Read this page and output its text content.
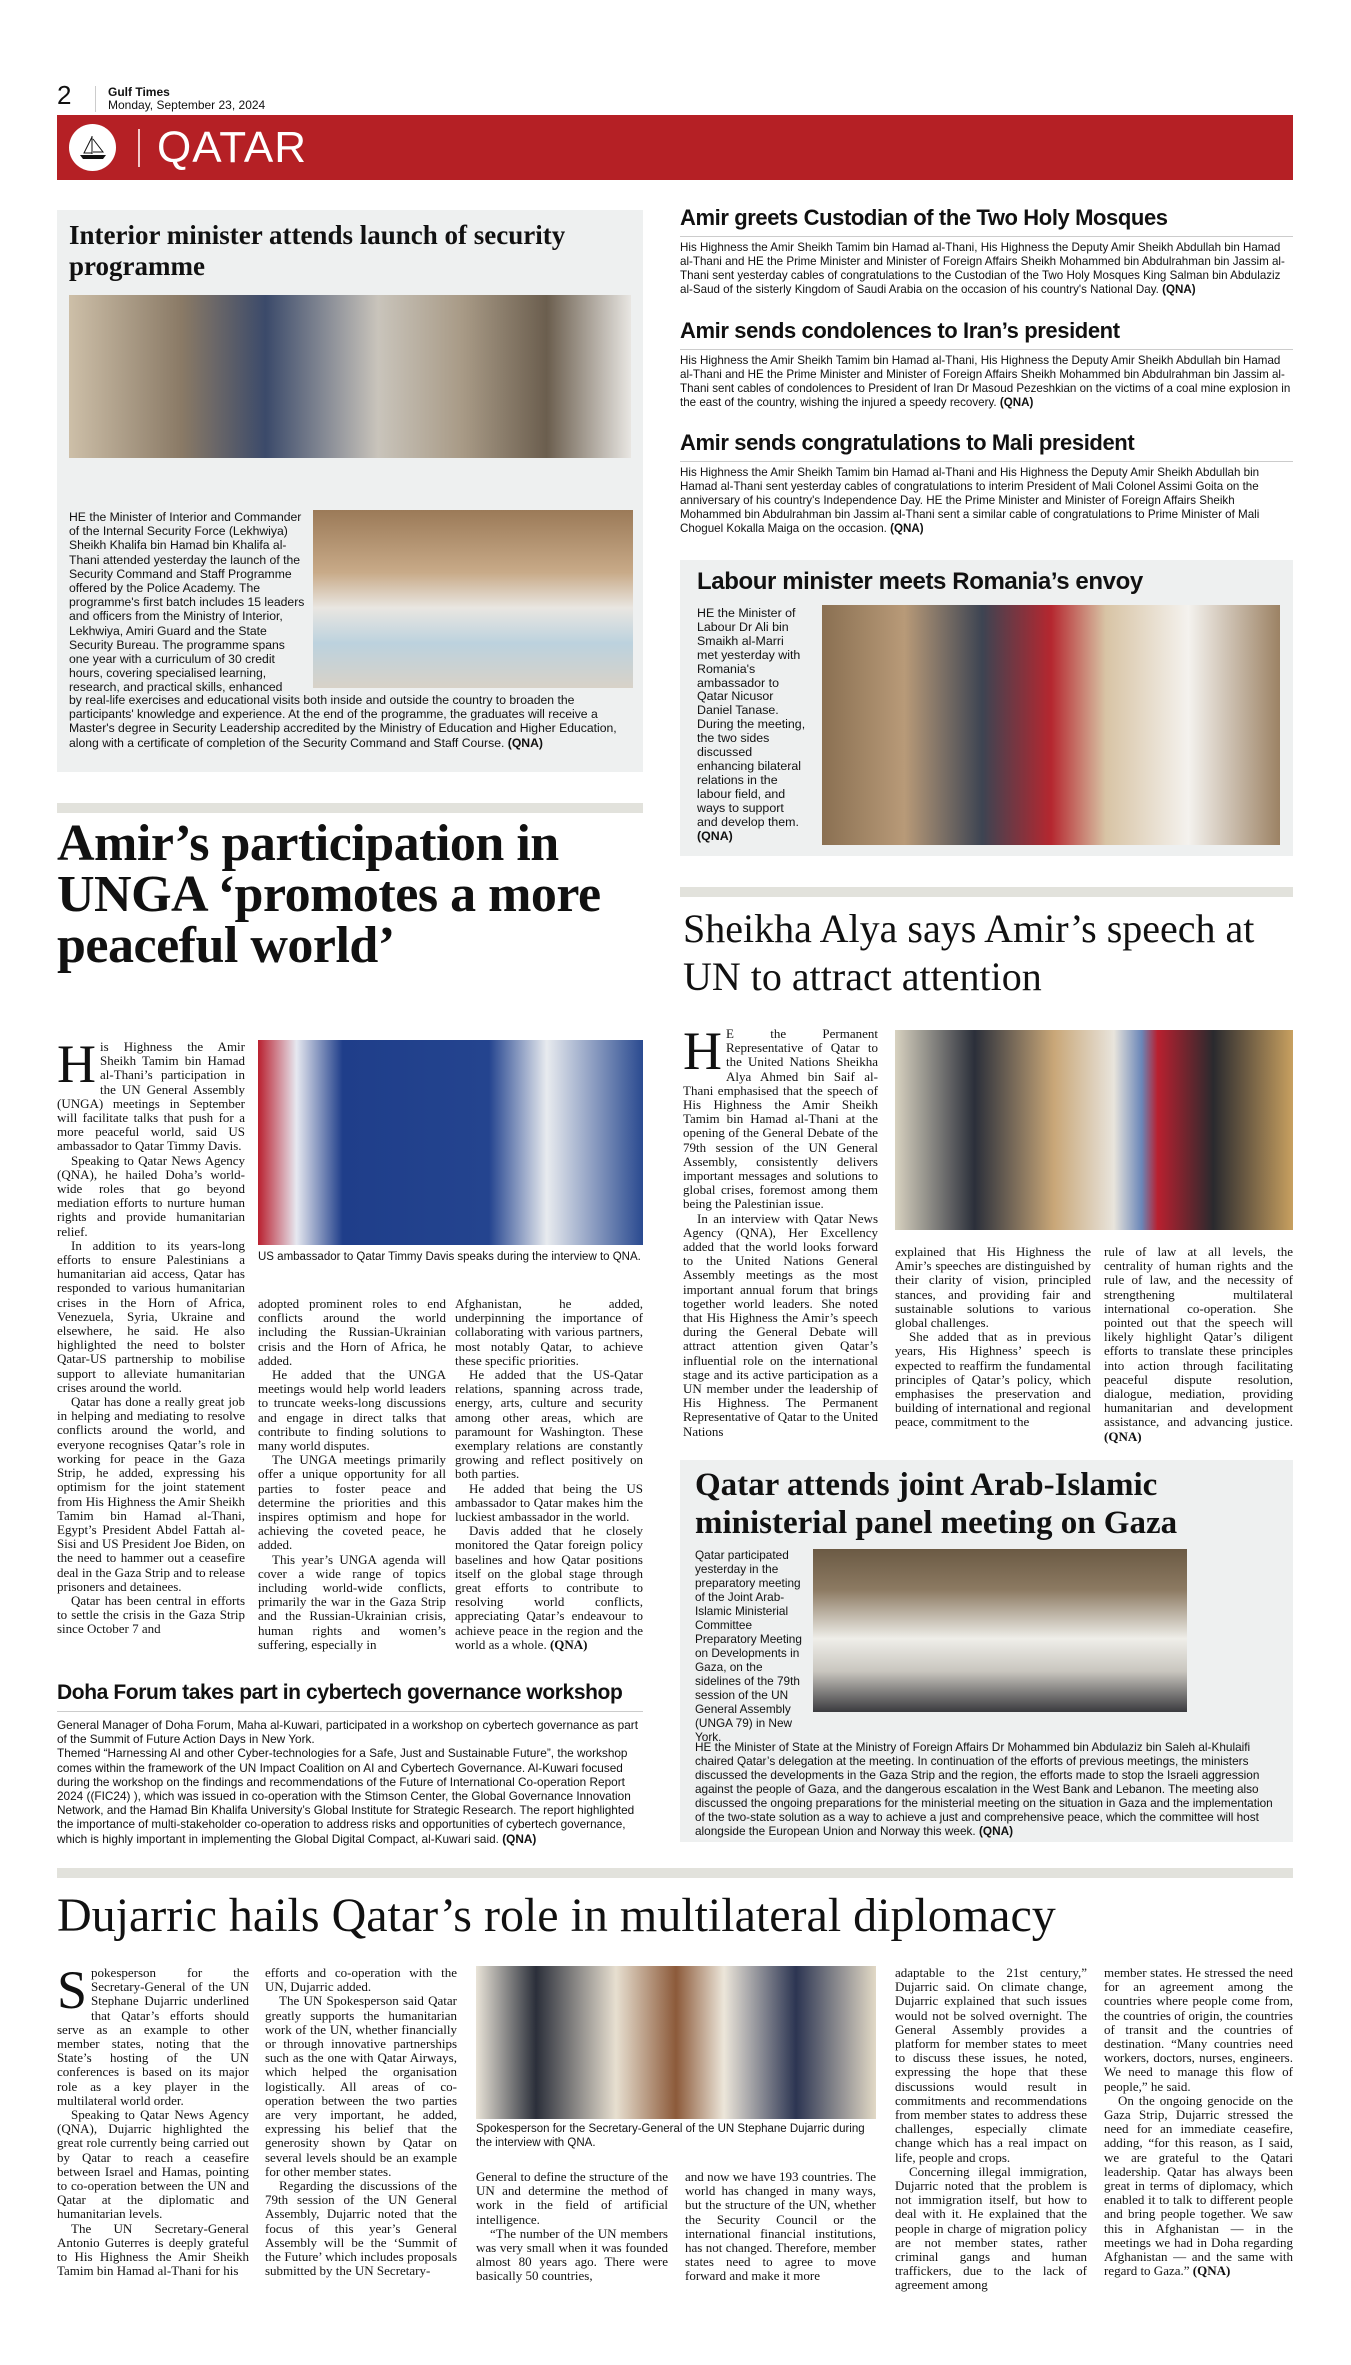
2	Gulf Times
Monday, September 23, 2024
QATAR
Interior minister attends launch of security programme
HE the Minister of Interior and Commander of the Internal Security Force (Lekhwiya) Sheikh Khalifa bin Hamad bin Khalifa al-Thani attended yesterday the launch of the Security Command and Staff Programme offered by the Police Academy. The programme's first batch includes 15 leaders and officers from the Ministry of Interior, Lekhwiya, Amiri Guard and the State Security Bureau. The programme spans one year with a curriculum of 30 credit hours, covering specialised learning, research, and practical skills, enhanced
by real-life exercises and educational visits both inside and outside the country to broaden the participants' knowledge and experience. At the end of the programme, the graduates will receive a Master's degree in Security Leadership accredited by the Ministry of Education and Higher Education, along with a certificate of completion of the Security Command and Staff Course. (QNA)
Amir greets Custodian of the Two Holy Mosques
His Highness the Amir Sheikh Tamim bin Hamad al-Thani, His Highness the Deputy Amir Sheikh Abdullah bin Hamad al-Thani and HE the Prime Minister and Minister of Foreign Affairs Sheikh Mohammed bin Abdulrahman bin Jassim al-Thani sent yesterday cables of congratulations to the Custodian of the Two Holy Mosques King Salman bin Abdulaziz al-Saud of the sisterly Kingdom of Saudi Arabia on the occasion of his country's National Day. (QNA)
Amir sends condolences to Iran’s president
His Highness the Amir Sheikh Tamim bin Hamad al-Thani, His Highness the Deputy Amir Sheikh Abdullah bin Hamad al-Thani and HE the Prime Minister and Minister of Foreign Affairs Sheikh Mohammed bin Abdulrahman bin Jassim al-Thani sent cables of condolences to President of Iran Dr Masoud Pezeshkian on the victims of a coal mine explosion in the east of the country, wishing the injured a speedy recovery. (QNA)
Amir sends congratulations to Mali president
His Highness the Amir Sheikh Tamim bin Hamad al-Thani and His Highness the Deputy Amir Sheikh Abdullah bin Hamad al-Thani sent yesterday cables of congratulations to interim President of Mali Colonel Assimi Goita on the anniversary of his country's Independence Day. HE the Prime Minister and Minister of Foreign Affairs Sheikh Mohammed bin Abdulrahman bin Jassim al-Thani sent a similar cable of congratulations to Prime Minister of Mali Choguel Kokalla Maiga on the occasion. (QNA)
Labour minister meets Romania’s envoy
HE the Minister of Labour Dr Ali bin Smaikh al-Marri met yesterday with Romania's ambassador to Qatar Nicusor Daniel Tanase. During the meeting, the two sides discussed enhancing bilateral relations in the labour field, and ways to support and develop them. (QNA)
Amir’s participation in UNGA ‘promotes a more peaceful world’

His Highness the Amir Sheikh Tamim bin Hamad al-Thani’s participation in the UN General Assembly (UNGA) meetings in September will facilitate talks that push for a more peaceful world, said US ambassador to Qatar Timmy Davis.

Speaking to Qatar News Agency (QNA), he hailed Doha’s world-wide roles that go beyond mediation efforts to nurture human rights and provide humanitarian relief.

In addition to its years-long efforts to ensure Palestinians a humanitarian aid access, Qatar has responded to various humanitarian crises in the Horn of Africa, Venezuela, Syria, Ukraine and elsewhere, he said. He also highlighted the need to bolster Qatar-US partnership to mobilise support to alleviate humanitarian crises around the world.

Qatar has done a really great job in helping and mediating to resolve conflicts around the world, and everyone recognises Qatar’s role in working for peace in the Gaza Strip, he added, expressing his optimism for the joint statement from His Highness the Amir Sheikh Tamim bin Hamad al-Thani, Egypt’s President Abdel Fattah al-Sisi and US President Joe Biden, on the need to hammer out a ceasefire deal in the Gaza Strip and to release prisoners and detainees.

Qatar has been central in efforts to settle the crisis in the Gaza Strip since October 7 and

US ambassador to Qatar Timmy Davis speaks during the interview to QNA.

adopted prominent roles to end conflicts around the world including the Russian-Ukrainian crisis and the Horn of Africa, he added.

He added that the UNGA meetings would help world leaders to truncate weeks-long discussions and engage in direct talks that contribute to finding solutions to many world disputes.

The UNGA meetings primarily offer a unique opportunity for all parties to foster peace and determine the priorities and this inspires optimism and hope for achieving the coveted peace, he added.

This year’s UNGA agenda will cover a wide range of topics including world-wide conflicts, primarily the war in the Gaza Strip and the Russian-Ukrainian crisis, human rights and women’s suffering, especially in

Afghanistan, he added, underpinning the importance of collaborating with various partners, most notably Qatar, to achieve these specific priorities.

He added that the US-Qatar relations, spanning across trade, energy, arts, culture and security among other areas, which are paramount for Washington. These exemplary relations are constantly growing and reflect positively on both parties.

He added that being the US ambassador to Qatar makes him the luckiest ambassador in the world.

Davis added that he closely monitored the Qatar foreign policy baselines and how Qatar positions itself on the global stage through great efforts to contribute to resolving world conflicts, appreciating Qatar’s endeavour to achieve peace in the region and the world as a whole. (QNA)

Sheikha Alya says Amir’s speech at UN to attract attention

H E the Permanent Representative of Qatar to the United Nations Sheikha Alya Ahmed bin Saif al-Thani emphasised that the speech of His Highness the Amir Sheikh Tamim bin Hamad al-Thani at the opening of the General Debate of the 79th session of the UN General Assembly, consistently delivers important messages and solutions to global crises, foremost among them being the Palestinian issue.

In an interview with Qatar News Agency (QNA), Her Excellency added that the world looks forward to the United Nations General Assembly meetings as the most important annual forum that brings together world leaders. She noted that His Highness the Amir’s speech during the General Debate will attract attention given Qatar’s influential role on the international stage and its active participation as a UN member under the leadership of His Highness. The Permanent Representative of Qatar to the United Nations

explained that His Highness the Amir’s speeches are distinguished by their clarity of vision, principled stances, and providing fair and sustainable solutions to various global challenges.

She added that as in previous years, His Highness’ speech is expected to reaffirm the fundamental principles of Qatar’s policy, which emphasises the preservation and building of international and regional peace, commitment to the

rule of law at all levels, the centrality of human rights and the rule of law, and the necessity of strengthening multilateral international co-operation. She pointed out that the speech will likely highlight Qatar’s diligent efforts to translate these principles into action through facilitating peaceful dispute resolution, dialogue, mediation, providing humanitarian and development assistance, and advancing justice. (QNA)

Doha Forum takes part in cybertech governance workshop

General Manager of Doha Forum, Maha al-Kuwari, participated in a workshop on cybertech governance as part of the Summit of Future Action Days in New York.

Themed “Harnessing AI and other Cyber-technologies for a Safe, Just and Sustainable Future”, the workshop comes within the framework of the UN Impact Coalition on AI and Cybertech Governance. Al-Kuwari focused during the workshop on the findings and recommendations of the Future of International Co-operation Report 2024 ((FIC24) ), which was issued in co-operation with the Stimson Center, the Global Governance Innovation Network, and the Hamad Bin Khalifa University’s Global Institute for Strategic Research. The report highlighted the importance of multi-stakeholder co-operation to address risks and opportunities of cybertech governance, which is highly important in implementing the Global Digital Compact, al-Kuwari said. (QNA)

Qatar attends joint Arab-Islamic ministerial panel meeting on Gaza
Qatar participated yesterday in the preparatory meeting of the Joint Arab-Islamic Ministerial Committee Preparatory Meeting on Developments in Gaza, on the sidelines of the 79th session of the UN General Assembly (UNGA 79) in New York.
HE the Minister of State at the Ministry of Foreign Affairs Dr Mohammed bin Abdulaziz bin Saleh al-Khulaifi chaired Qatar’s delegation at the meeting. In continuation of the efforts of previous meetings, the ministers discussed the developments in the Gaza Strip and the region, the efforts made to stop the Israeli aggression against the people of Gaza, and the dangerous escalation in the West Bank and Lebanon. The meeting also discussed the ongoing preparations for the ministerial meeting on the situation in Gaza and the implementation of the two-state solution as a way to achieve a just and comprehensive peace, which the committee will host alongside the European Union and Norway this week. (QNA)
Dujarric hails Qatar’s role in multilateral diplomacy

Spokesperson for the Secretary-General of the UN Stephane Dujarric underlined that Qatar’s efforts should serve as an example to other member states, noting that the State’s hosting of the UN conferences is based on its major role as a key player in the multilateral world order.

Speaking to Qatar News Agency (QNA), Dujarric highlighted the great role currently being carried out by Qatar to reach a ceasefire between Israel and Hamas, pointing to co-operation between the UN and Qatar at the diplomatic and humanitarian levels.

The UN Secretary-General Antonio Guterres is deeply grateful to His Highness the Amir Sheikh Tamim bin Hamad al-Thani for his

efforts and co-operation with the UN, Dujarric added.

The UN Spokesperson said Qatar greatly supports the humanitarian work of the UN, whether financially or through innovative partnerships such as the one with Qatar Airways, which helped the organisation logistically. All areas of co-operation between the two parties are very important, he added, expressing his belief that the generosity shown by Qatar on several levels should be an example for other member states.

Regarding the discussions of the 79th session of the UN General Assembly, Dujarric noted that the focus of this year’s General Assembly will be the ‘Summit of the Future’ which includes proposals submitted by the UN Secretary-

Spokesperson for the Secretary-General of the UN Stephane Dujarric during the interview with QNA.

General to define the structure of the UN and determine the method of work in the field of artificial intelligence.

“The number of the UN members was very small when it was founded almost 80 years ago. There were basically 50 countries,

and now we have 193 countries. The world has changed in many ways, but the structure of the UN, whether the Security Council or the international financial institutions, has not changed. Therefore, member states need to agree to move forward and make it more

adaptable to the 21st century,” Dujarric said. On climate change, Dujarric explained that such issues would not be solved overnight. The General Assembly provides a platform for member states to meet to discuss these issues, he noted, expressing the hope that these discussions would result in commitments and recommendations from member states to address these challenges, especially climate change which has a real impact on life, people and crops.

Concerning illegal immigration, Dujarric noted that the problem is not immigration itself, but how to deal with it. He explained that the people in charge of migration policy are not member states, rather criminal gangs and human traffickers, due to the lack of agreement among

member states. He stressed the need for an agreement among the countries where people come from, the countries of origin, the countries of transit and the countries of destination. “Many countries need workers, doctors, nurses, engineers. We need to manage this flow of people,” he said.

On the ongoing genocide on the Gaza Strip, Dujarric stressed the need for an immediate ceasefire, adding, “for this reason, as I said, we are grateful to the Qatari leadership. Qatar has always been great in terms of diplomacy, which enabled it to talk to different people and bring people together. We saw this in Afghanistan — in the meetings we had in Doha regarding Afghanistan — and the same with regard to Gaza.” (QNA)
